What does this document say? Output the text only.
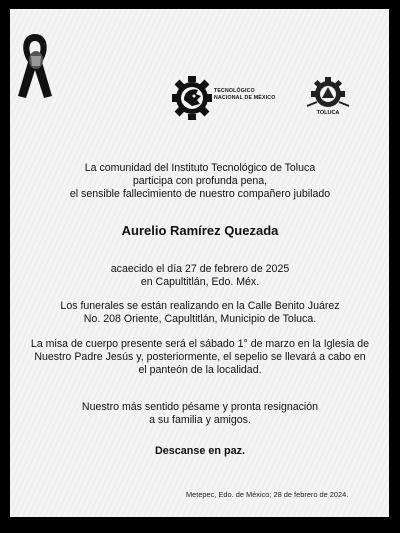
TECNOLÓGICO
NACIONAL DE MÉXICO
TOLUCA
La comunidad del Instituto Tecnológico de Toluca
participa con profunda pena,
el sensible fallecimiento de nuestro compañero jubilado
Aurelio Ramírez Quezada
acaecido el día 27 de febrero de 2025
en Capultitlán, Edo. Méx.
Los funerales se están realizando en la Calle Benito Juárez
No. 208 Oriente, Capultitlán, Municipio de Toluca.
La misa de cuerpo presente será el sábado 1° de marzo en la Iglesia de
Nuestro Padre Jesús y, posteriormente, el sepelio se llevará a cabo en
el panteón de la localidad.
Nuestro más sentido pésame y pronta resignación
a su familia y amigos.
Descanse en paz.
Metepec, Edo. de México; 28 de febrero de 2024.
